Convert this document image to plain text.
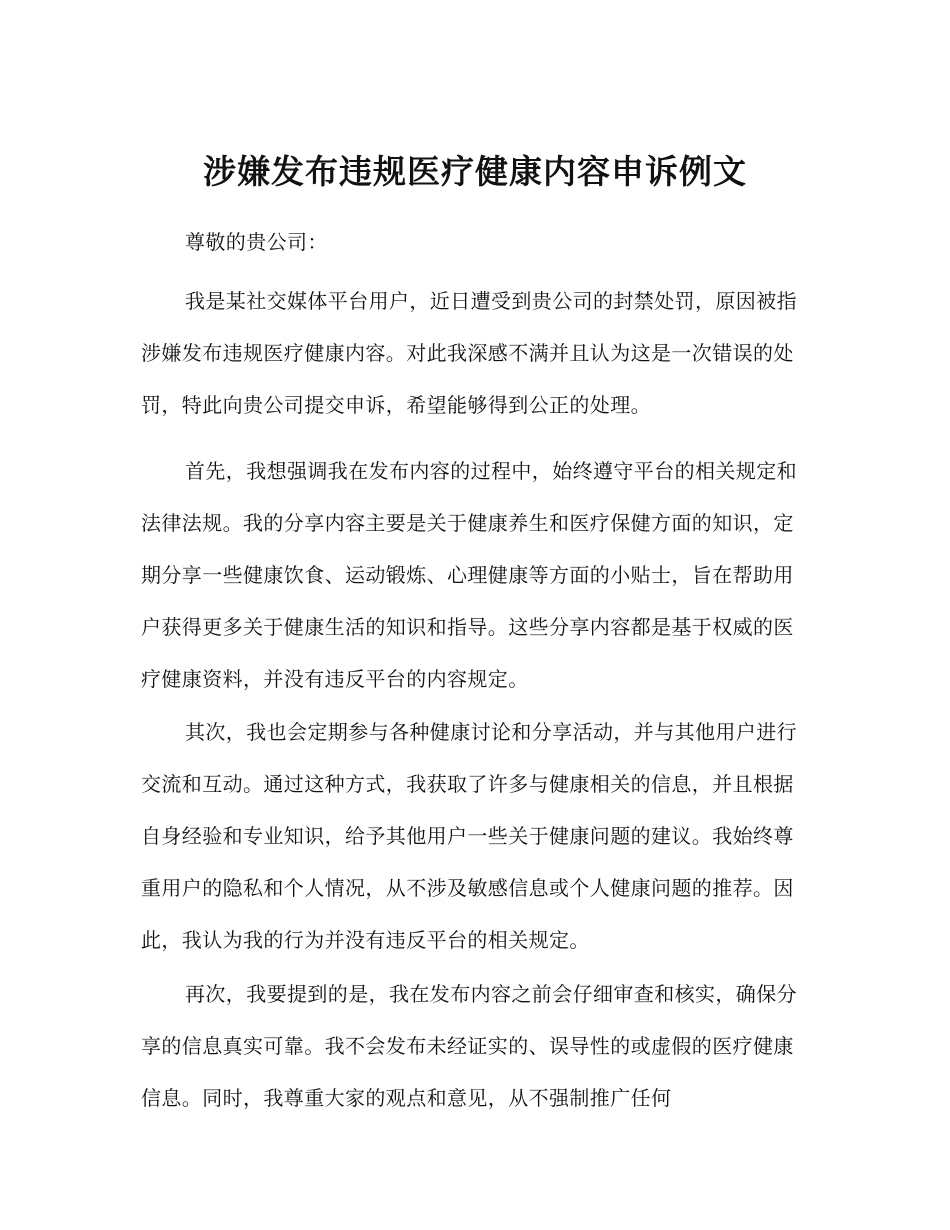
涉嫌发布违规医疗健康内容申诉例文
尊敬的贵公司：

我是某社交媒体平台用户，近日遭受到贵公司的封禁处罚，原因被指涉嫌发布违规医疗健康内容。对此我深感不满并且认为这是一次错误的处罚，特此向贵公司提交申诉，希望能够得到公正的处理。

首先，我想强调我在发布内容的过程中，始终遵守平台的相关规定和法律法规。我的分享内容主要是关于健康养生和医疗保健方面的知识，定期分享一些健康饮食、运动锻炼、心理健康等方面的小贴士，旨在帮助用户获得更多关于健康生活的知识和指导。这些分享内容都是基于权威的医疗健康资料，并没有违反平台的内容规定。

其次，我也会定期参与各种健康讨论和分享活动，并与其他用户进行交流和互动。通过这种方式，我获取了许多与健康相关的信息，并且根据自身经验和专业知识，给予其他用户一些关于健康问题的建议。我始终尊重用户的隐私和个人情况，从不涉及敏感信息或个人健康问题的推荐。因此，我认为我的行为并没有违反平台的相关规定。

再次，我要提到的是，我在发布内容之前会仔细审查和核实，确保分享的信息真实可靠。我不会发布未经证实的、误导性的或虚假的医疗健康信息。同时，我尊重大家的观点和意见，从不强制推广任何
